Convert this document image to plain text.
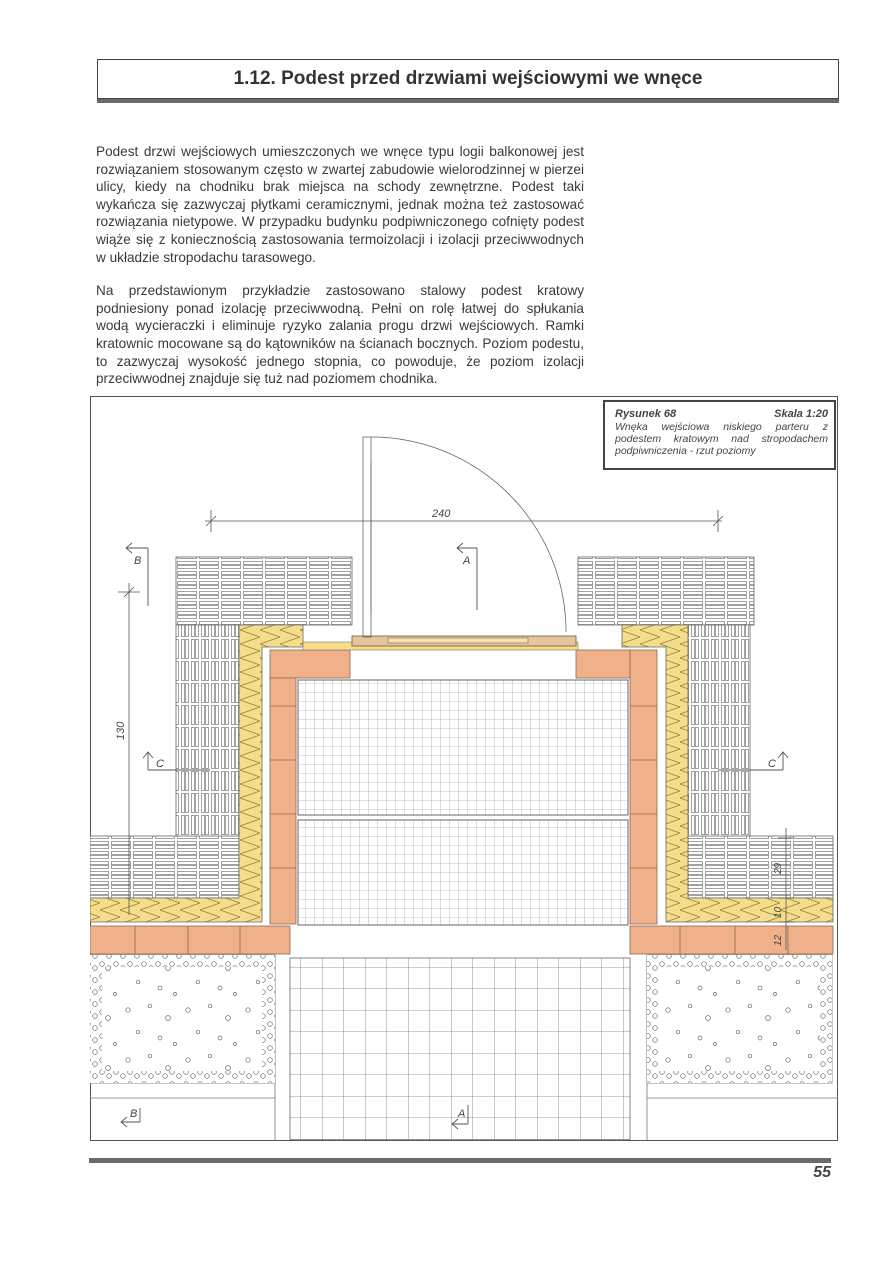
1.12. Podest przed drzwiami wejściowymi we wnęce

Podest drzwi wejściowych umieszczonych we wnęce typu logii balkonowej jest rozwiązaniem stosowanym często w zwartej zabudowie wielorodzinnej w pierzei ulicy, kiedy na chodniku brak miejsca na schody zewnętrzne. Podest taki wykańcza się zazwyczaj płytkami ceramicznymi, jednak można też zastosować rozwiązania nietypowe. W przypadku budynku podpiwniczonego cofnięty podest wiąże się z koniecznością zastosowania termoizolacji i izolacji przeciwwodnych w układzie stropodachu tarasowego.

Na przedstawionym przykładzie zastosowano stalowy podest kratowy podniesiony ponad izolację przeciwwodną. Pełni on rolę łatwej do spłukania wodą wycieraczki i eliminuje ryzyko zalania progu drzwi wejściowych. Ramki kratownic mocowane są do kątowników na ścianach bocznych. Poziom podestu, to zazwyczaj wysokość jednego stopnia, co powoduje, że poziom izolacji przeciwwodnej znajduje się tuż nad poziomem chodnika.

240
130
29
10
12
B	A
C	C
B	A
Rysunek 68	Skala 1:20
Wnęka wejściowa niskiego parteru z podestem kratowym nad stropodachem podpiwniczenia - rzut poziomy
55
